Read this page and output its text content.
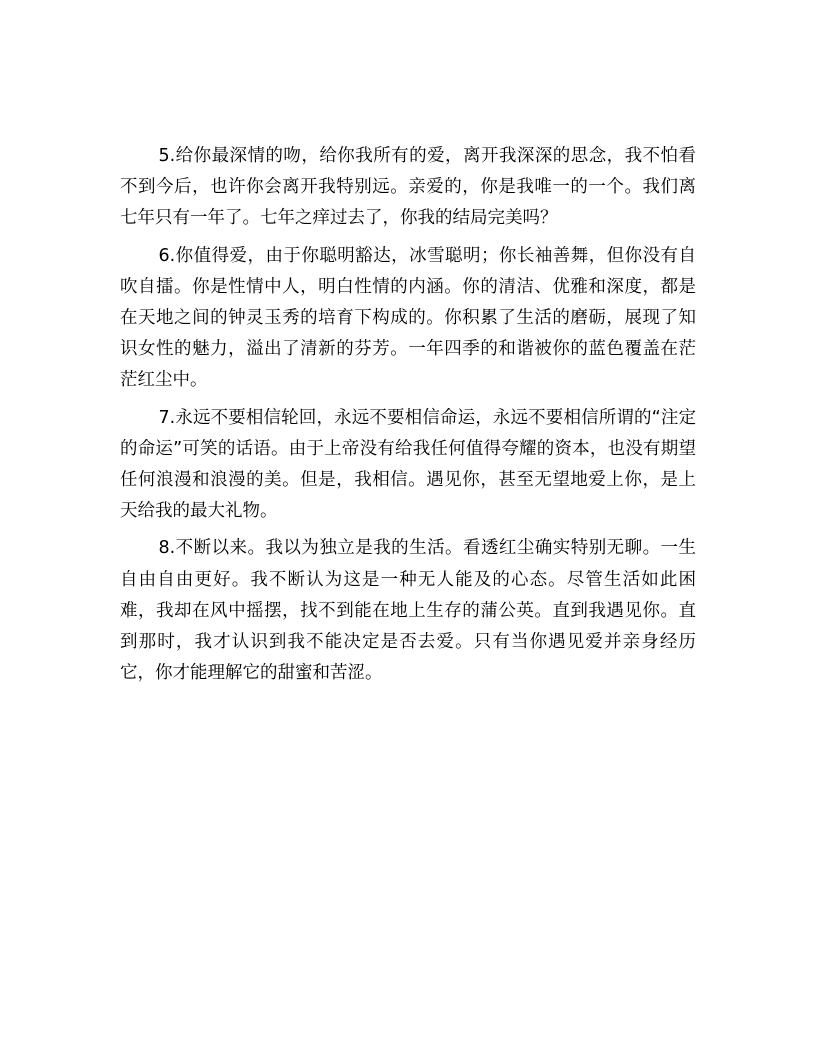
5.给你最深情的吻，给你我所有的爱，离开我深深的思念，我不怕看不到今后，也许你会离开我特别远。亲爱的，你是我唯一的一个。我们离七年只有一年了。七年之痒过去了，你我的结局完美吗？

6.你值得爱，由于你聪明豁达，冰雪聪明；你长袖善舞，但你没有自吹自擂。你是性情中人，明白性情的内涵。你的清洁、优雅和深度，都是在天地之间的钟灵玉秀的培育下构成的。你积累了生活的磨砺，展现了知识女性的魅力，溢出了清新的芬芳。一年四季的和谐被你的蓝色覆盖在茫茫红尘中。

7.永远不要相信轮回，永远不要相信命运，永远不要相信所谓的“注定的命运”可笑的话语。由于上帝没有给我任何值得夸耀的资本，也没有期望任何浪漫和浪漫的美。但是，我相信。遇见你，甚至无望地爱上你，是上天给我的最大礼物。

8.不断以来。我以为独立是我的生活。看透红尘确实特别无聊。一生自由自由更好。我不断认为这是一种无人能及的心态。尽管生活如此困难，我却在风中摇摆，找不到能在地上生存的蒲公英。直到我遇见你。直到那时，我才认识到我不能决定是否去爱。只有当你遇见爱并亲身经历它，你才能理解它的甜蜜和苦涩。
